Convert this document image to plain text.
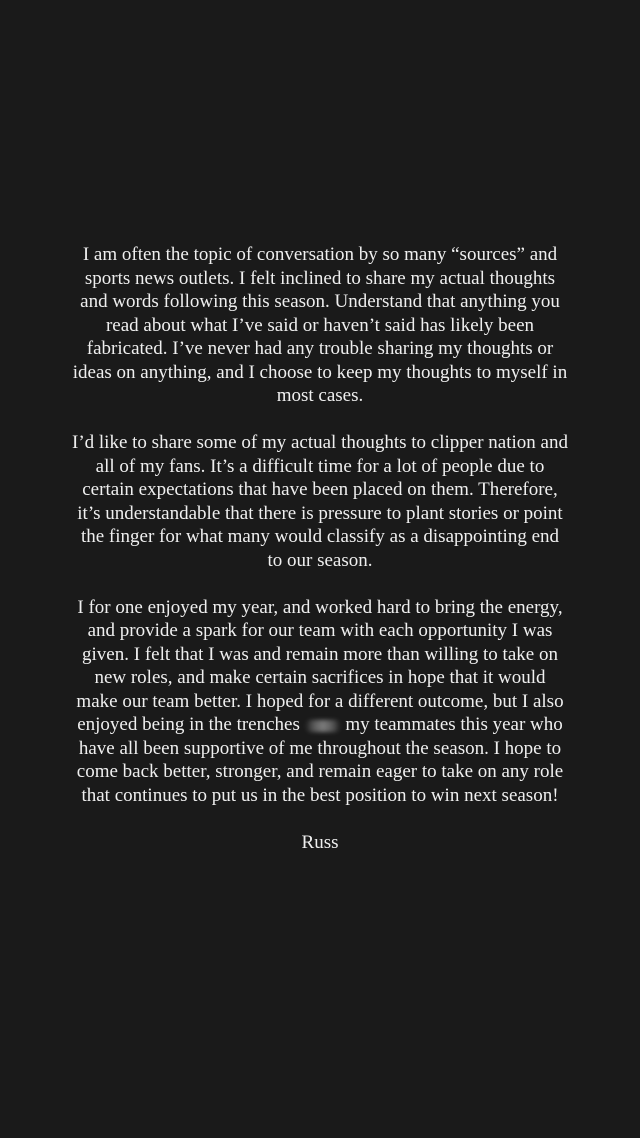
I am often the topic of conversation by so many “sources” and sports news outlets. I felt inclined to share my actual thoughts and words following this season. Understand that anything you read about what I’ve said or haven’t said has likely been fabricated. I’ve never had any trouble sharing my thoughts or ideas on anything, and I choose to keep my thoughts to myself in most cases.

I’d like to share some of my actual thoughts to clipper nation and all of my fans. It’s a difficult time for a lot of people due to certain expectations that have been placed on them. Therefore, it’s understandable that there is pressure to plant stories or point the finger for what many would classify as a disappointing end to our season.

I for one enjoyed my year, and worked hard to bring the energy, and provide a spark for our team with each opportunity I was given. I felt that I was and remain more than willing to take on new roles, and make certain sacrifices in hope that it would make our team better. I hoped for a different outcome, but I also enjoyed being in the trenches my teammates this year who have all been supportive of me throughout the season. I hope to come back better, stronger, and remain eager to take on any role that continues to put us in the best position to win next season!

Russ
